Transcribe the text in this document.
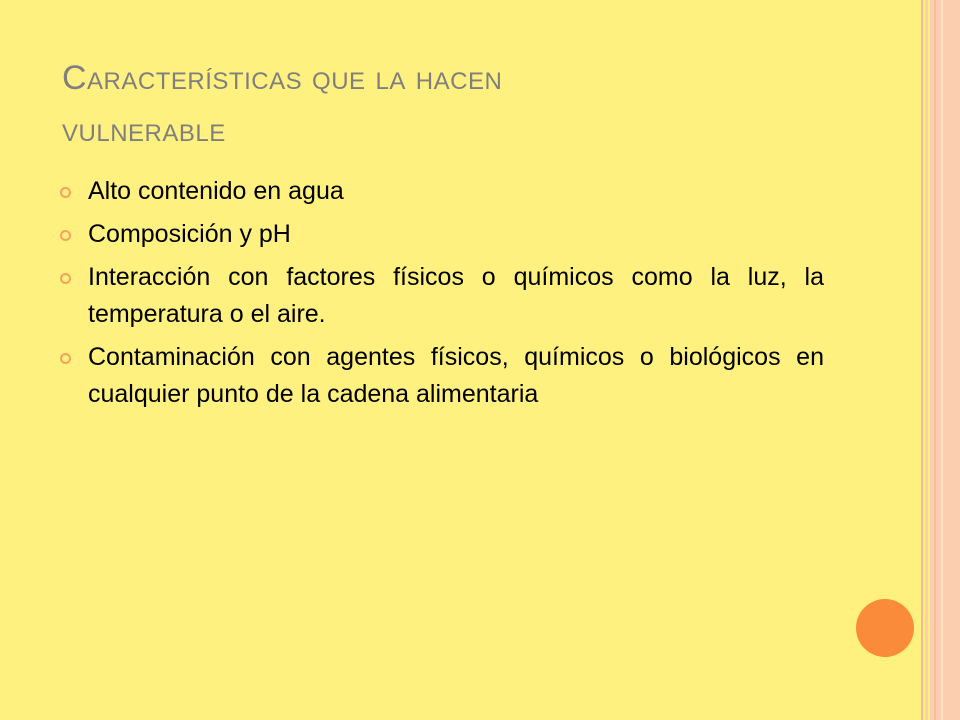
Características que la hacen
vulnerable
Alto contenido en agua
Composición y pH
Interacción con factores físicos o químicos como la luz, la temperatura o el aire.
Contaminación con agentes físicos, químicos o biológicos en cualquier punto de la cadena alimentaria
